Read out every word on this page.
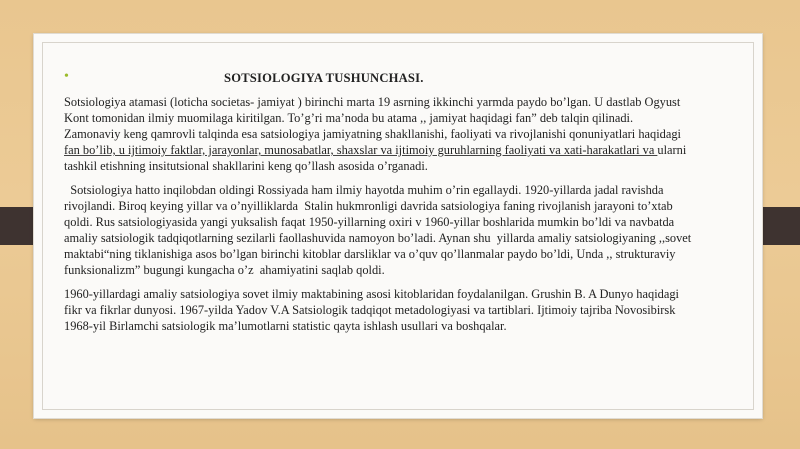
•	SOTSIOLOGIYA TUSHUNCHASI.

Sotsiologiya atamasi (loticha societas- jamiyat ) birinchi marta 19 asrning ikkinchi yarmda paydo bo’lgan. U dastlab Ogyust
Kont tomonidan ilmiy muomilaga kiritilgan. To’g’ri ma’noda bu atama ,, jamiyat haqidagi fan” deb talqin qilinadi.
Zamonaviy keng qamrovli talqinda esa satsiologiya jamiyatning shakllanishi, faoliyati va rivojlanishi qonuniyatlari haqidagi
fan bo’lib, u ijtimoiy faktlar, jarayonlar, munosabatlar, shaxslar va ijtimoiy guruhlarning faoliyati va xati-harakatlari va ularni
tashkil etishning insitutsional shakllarini keng qo’llash asosida o’rganadi.

Sotsiologiya hatto inqilobdan oldingi Rossiyada ham ilmiy hayotda muhim o’rin egallaydi. 1920-yillarda jadal ravishda
rivojlandi. Biroq keying yillar va o’nyilliklarda  Stalin hukmronligi davrida satsiologiya faning rivojlanish jarayoni to’xtab
qoldi. Rus satsiologiyasida yangi yuksalish faqat 1950-yillarning oxiri v 1960-yillar boshlarida mumkin bo’ldi va navbatda
amaliy satsiologik tadqiqotlarning sezilarli faollashuvida namoyon bo’ladi. Aynan shu  yillarda amaliy satsiologiyaning ,,sovet
maktabi“ning tiklanishiga asos bo’lgan birinchi kitoblar darsliklar va o’quv qo’llanmalar paydo bo’ldi, Unda ,, strukturaviy
funksionalizm” bugungi kungacha o’z  ahamiyatini saqlab qoldi.

1960-yillardagi amaliy satsiologiya sovet ilmiy maktabining asosi kitoblaridan foydalanilgan. Grushin B. A Dunyo haqidagi
fikr va fikrlar dunyosi. 1967-yilda Yadov V.A Satsiologik tadqiqot metadologiyasi va tartiblari. Ijtimoiy tajriba Novosibirsk
1968-yil Birlamchi satsiologik ma’lumotlarni statistic qayta ishlash usullari va boshqalar.
